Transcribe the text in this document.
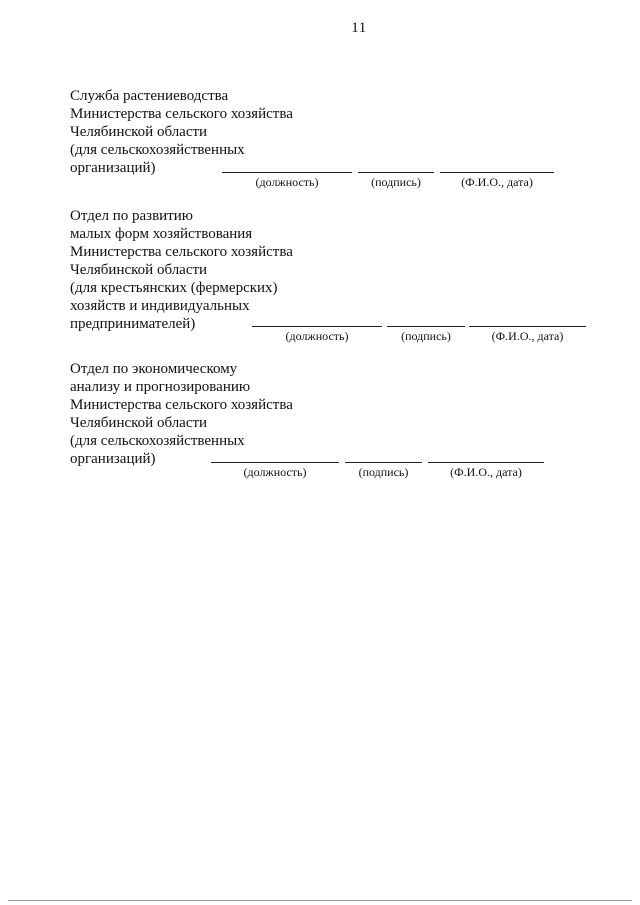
11
Служба растениеводства
Министерства сельского хозяйства
Челябинской области
(для сельскохозяйственных
организаций)
(должность)	(подпись)	(Ф.И.О., дата)
Отдел по развитию
малых форм хозяйствования
Министерства сельского хозяйства
Челябинской области
(для крестьянских (фермерских)
хозяйств и индивидуальных
предпринимателей)
(должность)	(подпись)	(Ф.И.О., дата)
Отдел по экономическому
анализу и прогнозированию
Министерства сельского хозяйства
Челябинской области
(для сельскохозяйственных
организаций)
(должность)	(подпись)	(Ф.И.О., дата)
